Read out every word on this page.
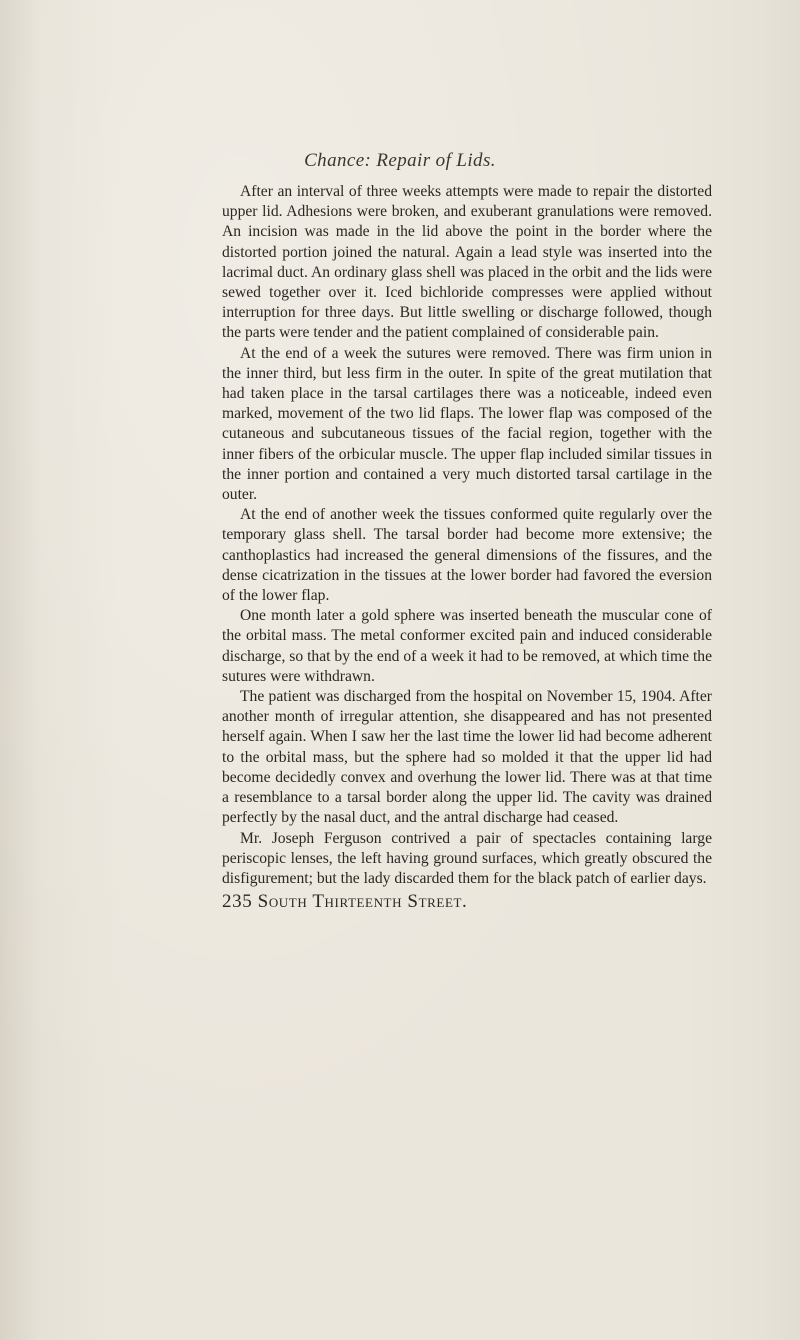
Chance: Repair of Lids.

After an interval of three weeks attempts were made to repair the distorted upper lid. Adhesions were broken, and exuberant granulations were removed. An incision was made in the lid above the point in the border where the distorted portion joined the natural. Again a lead style was inserted into the lacrimal duct. An ordinary glass shell was placed in the orbit and the lids were sewed together over it. Iced bichloride compresses were applied without interruption for three days. But little swelling or discharge followed, though the parts were tender and the patient complained of considerable pain.

At the end of a week the sutures were removed. There was firm union in the inner third, but less firm in the outer. In spite of the great mutilation that had taken place in the tarsal cartilages there was a noticeable, indeed even marked, movement of the two lid flaps. The lower flap was composed of the cutaneous and subcutaneous tissues of the facial region, together with the inner fibers of the orbicular muscle. The upper flap included similar tissues in the inner portion and contained a very much distorted tarsal cartilage in the outer.

At the end of another week the tissues conformed quite regularly over the temporary glass shell. The tarsal border had become more extensive; the canthoplastics had increased the general dimensions of the fissures, and the dense cicatrization in the tissues at the lower border had favored the eversion of the lower flap.

One month later a gold sphere was inserted beneath the muscular cone of the orbital mass. The metal conformer excited pain and induced considerable discharge, so that by the end of a week it had to be removed, at which time the sutures were withdrawn.

The patient was discharged from the hospital on November 15, 1904. After another month of irregular attention, she disappeared and has not presented herself again. When I saw her the last time the lower lid had become adherent to the orbital mass, but the sphere had so molded it that the upper lid had become decidedly convex and overhung the lower lid. There was at that time a resemblance to a tarsal border along the upper lid. The cavity was drained perfectly by the nasal duct, and the antral discharge had ceased.

Mr. Joseph Ferguson contrived a pair of spectacles containing large periscopic lenses, the left having ground surfaces, which greatly obscured the disfigurement; but the lady discarded them for the black patch of earlier days.

235 South Thirteenth Street.
